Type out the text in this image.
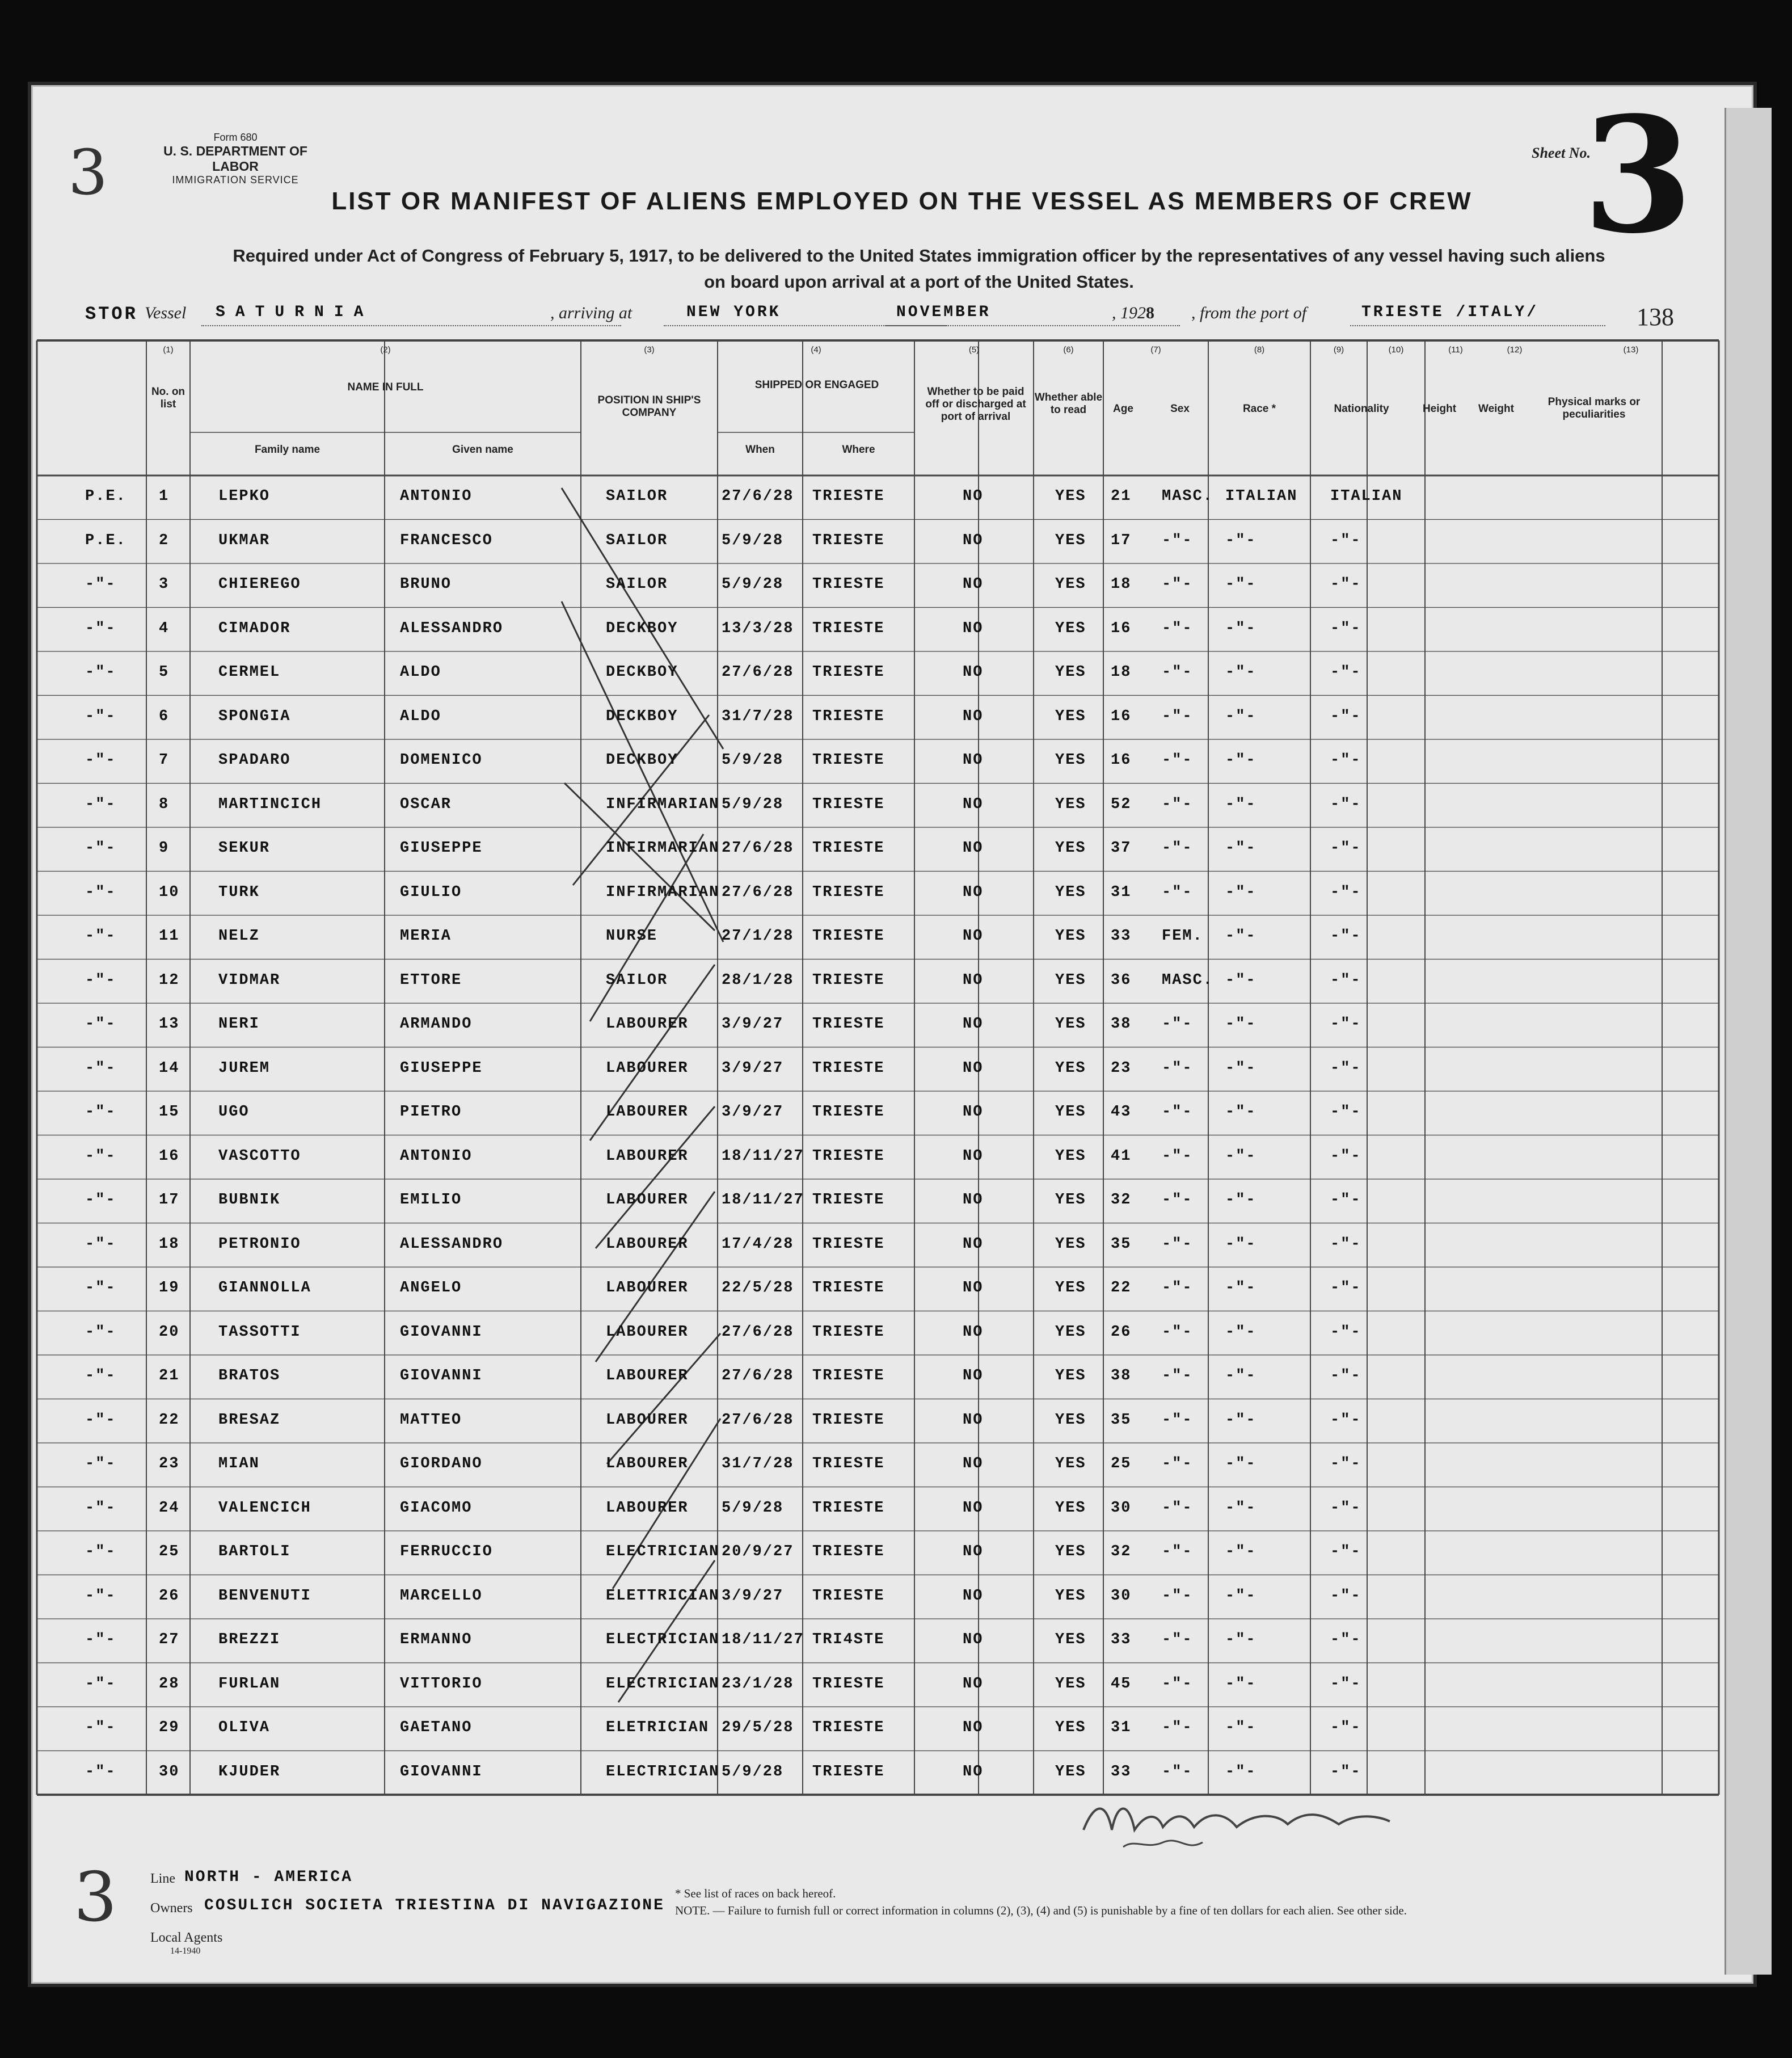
3	Form 680
U. S. DEPARTMENT OF LABOR
IMMIGRATION SERVICE
Sheet No.
3
138
LIST OR MANIFEST OF ALIENS EMPLOYED ON THE VESSEL AS MEMBERS OF CREW
Required under Act of Congress of February 5, 1917, to be delivered to the United States immigration officer by the representatives of any vessel having such aliens
on board upon arrival at a port of the United States.
STOR Vessel SATURNIA	, arriving at	NEW YORK	NOVEMBER	, 1928 , from the port of	TRIESTE /ITALY/
(1)	(2)	(3)	(4)	(5)	(6)	(7)	(8)	(9)	(10)	(11)	(12)	(13)
No. on list
NAME IN FULL
Family name	Given name
POSITION IN SHIP'S COMPANY
SHIPPED OR ENGAGED
When	Where
Whether to be paid off or discharged at port of arrival
Whether able to read	Age	Sex	Race *	Nationality	Height	Weight
Physical marks or peculiarities
P.E. 1	LEPKO	ANTONIO	SAILOR	27/6/28 TRIESTE	NO	YES 21 MASC. ITALIAN ITALIAN
P.E. 2	UKMAR	FRANCESCO	SAILOR	5/9/28 TRIESTE	NO	YES 17 -"- -"-	-"-
-"-	3	CHIEREGO	BRUNO	SAILOR	5/9/28 TRIESTE	NO	YES 18 -"- -"-	-"-
-"-	4	CIMADOR	ALESSANDRO	DECKBOY	13/3/28 TRIESTE	NO	YES 16 -"- -"-	-"-
-"-	5	CERMEL	ALDO	DECKBOY	27/6/28 TRIESTE	NO	YES 18 -"- -"-	-"-
-"-	6	SPONGIA	ALDO	DECKBOY	31/7/28 TRIESTE	NO	YES 16 -"- -"-	-"-
-"-	7	SPADARO	DOMENICO	DECKBOY	5/9/28 TRIESTE	NO	YES 16 -"- -"-	-"-
-"-	8	MARTINCICH	OSCAR	INFIRMARIAN 5/9/28 TRIESTE	NO	YES 52 -"- -"-	-"-
-"-	9	SEKUR	GIUSEPPE	INFIRMARIAN 27/6/28 TRIESTE	NO	YES 37 -"- -"-	-"-
-"-	10	TURK	GIULIO	INFIRMARIAN 27/6/28 TRIESTE	NO	YES 31 -"- -"-	-"-
-"-	11	NELZ	MERIA	NURSE	27/1/28 TRIESTE	NO	YES 33 FEM. -"-	-"-
-"-	12	VIDMAR	ETTORE	SAILOR	28/1/28 TRIESTE	NO	YES 36 MASC. -"-	-"-
-"-	13	NERI	ARMANDO	LABOURER 3/9/27 TRIESTE	NO	YES 38 -"- -"-	-"-
-"-	14	JUREM	GIUSEPPE	LABOURER 3/9/27 TRIESTE	NO	YES 23 -"- -"-	-"-
-"-	15	UGO	PIETRO	LABOURER 3/9/27 TRIESTE	NO	YES 43 -"- -"-	-"-
-"-	16	VASCOTTO	ANTONIO	LABOURER 18/11/27 TRIESTE	NO	YES 41 -"- -"-	-"-
-"-	17	BUBNIK	EMILIO	LABOURER 18/11/27 TRIESTE	NO	YES 32 -"- -"-	-"-
-"-	18	PETRONIO	ALESSANDRO	LABOURER 17/4/28 TRIESTE	NO	YES 35 -"- -"-	-"-
-"-	19	GIANNOLLA	ANGELO	LABOURER 22/5/28 TRIESTE	NO	YES 22 -"- -"-	-"-
-"-	20	TASSOTTI	GIOVANNI	LABOURER 27/6/28 TRIESTE	NO	YES 26 -"- -"-	-"-
-"-	21	BRATOS	GIOVANNI	LABOURER 27/6/28 TRIESTE	NO	YES 38 -"- -"-	-"-
-"-	22	BRESAZ	MATTEO	LABOURER 27/6/28 TRIESTE	NO	YES 35 -"- -"-	-"-
-"-	23	MIAN	GIORDANO	LABOURER 31/7/28 TRIESTE	NO	YES 25 -"- -"-	-"-
-"-	24	VALENCICH	GIACOMO	LABOURER 5/9/28 TRIESTE	NO	YES 30 -"- -"-	-"-
-"-	25	BARTOLI	FERRUCCIO	ELECTRICIAN 20/9/27 TRIESTE	NO	YES 32 -"- -"-	-"-
-"-	26	BENVENUTI	MARCELLO	ELETTRICIAN 3/9/27 TRIESTE	NO	YES 30 -"- -"-	-"-
-"-	27	BREZZI	ERMANNO	ELECTRICIAN 18/11/27 TRI4STE	NO	YES 33 -"- -"-	-"-
-"-	28	FURLAN	VITTORIO	ELECTRICIAN 23/1/28 TRIESTE	NO	YES 45 -"- -"-	-"-
-"-	29	OLIVA	GAETANO	ELETRICIAN 29/5/28 TRIESTE	NO	YES 31 -"- -"-	-"-
-"-	30	KJUDER	GIOVANNI	ELECTRICIAN 5/9/28 TRIESTE	NO	YES 33 -"- -"-	-"-
3 Line NORTH - AMERICA
Owners COSULICH SOCIETA TRIESTINA DI NAVIGAZIONE
Local Agents
14-1940
* See list of races on back hereof.
NOTE. — Failure to furnish full or correct information in columns (2), (3), (4) and (5) is punishable by a fine of ten dollars for each alien. See other side.
